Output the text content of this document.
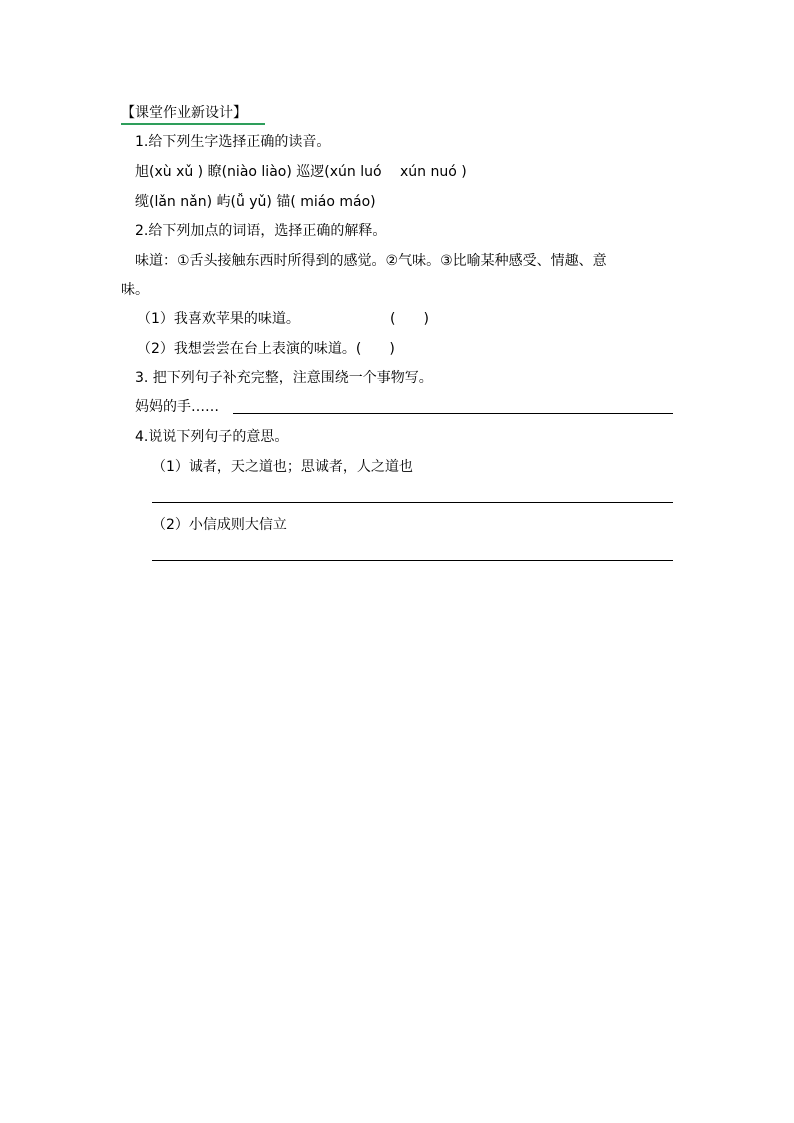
【课堂作业新设计】
1.给下列生字选择正确的读音。
旭(xù xǔ ) 瞭(niào liào) 巡逻(xún luó　 xún nuó )
缆(lǎn nǎn) 屿(ǚ yǔ) 锚( miáo máo)
2.给下列加点的词语，选择正确的解释。
味道：①舌头接触东西时所得到的感觉。②气味。③比喻某种感受、情趣、意
味。
（1）我喜欢苹果的味道。	(　　)
（2）我想尝尝在台上表演的味道。(　　)
3. 把下列句子补充完整，注意围绕一个事物写。
妈妈的手……
4.说说下列句子的意思。
（1）诚者，天之道也；思诚者，人之道也
（2）小信成则大信立
